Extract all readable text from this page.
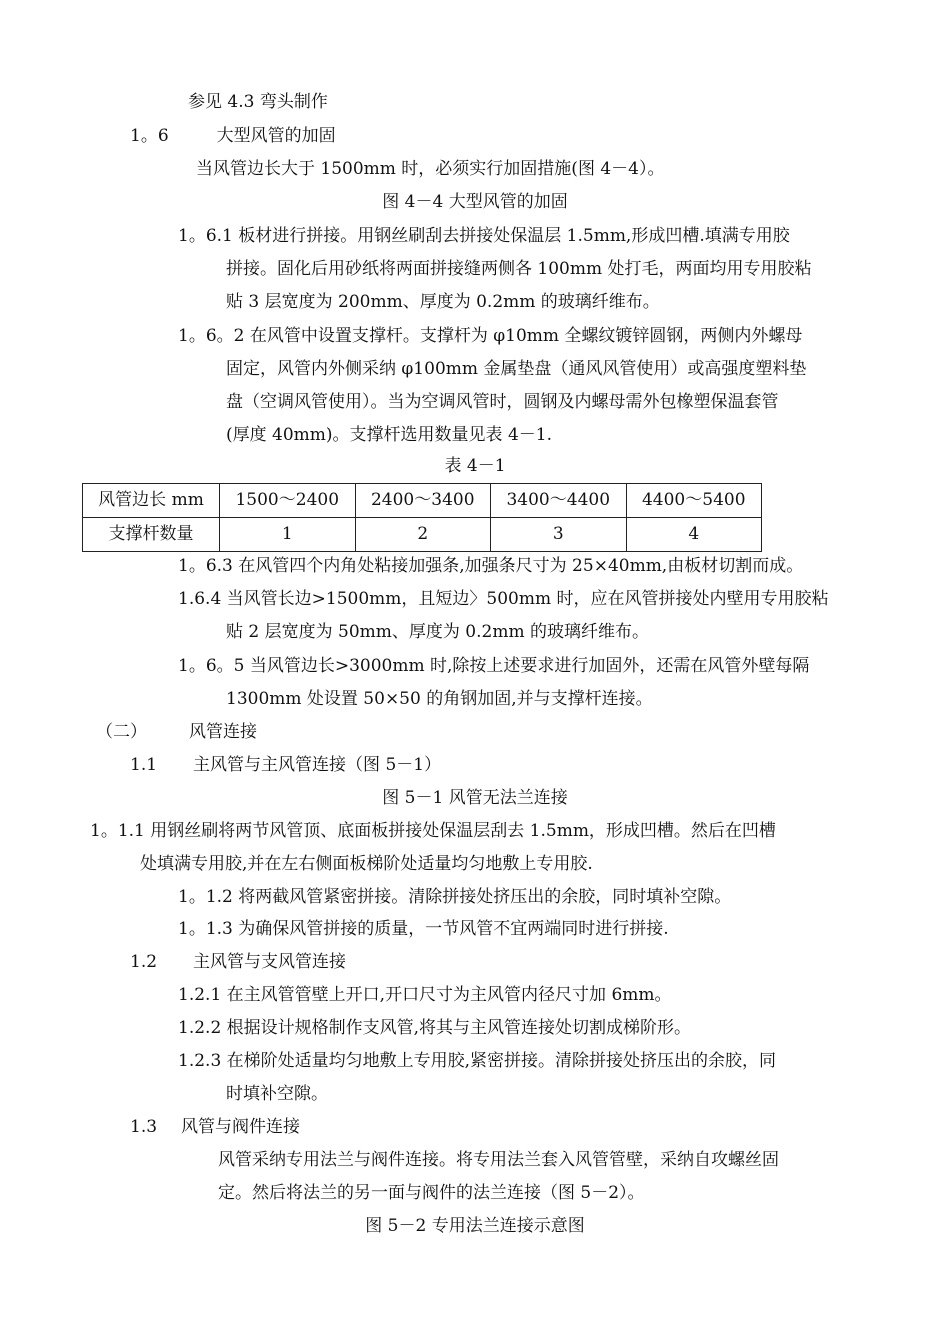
参见 4.3 弯头制作
1。6	大型风管的加固
当风管边长大于 1500mm 时，必须实行加固措施(图 4－4）。
图 4－4 大型风管的加固
1。6.1 板材进行拼接。用钢丝刷刮去拼接处保温层 1.5mm,形成凹槽.填满专用胶
拼接。固化后用砂纸将两面拼接缝两侧各 100mm 处打毛，两面均用专用胶粘
贴 3 层宽度为 200mm、厚度为 0.2mm 的玻璃纤维布。
1。6。2 在风管中设置支撑杆。支撑杆为 φ10mm 全螺纹镀锌圆钢，两侧内外螺母
固定，风管内外侧采纳 φ100mm 金属垫盘（通风风管使用）或高强度塑料垫
盘（空调风管使用）。当为空调风管时，圆钢及内螺母需外包橡塑保温套管
(厚度 40mm)。支撑杆选用数量见表 4－1.
表 4－1
风管边长 mm	1500～2400	2400～3400	3400～4400	4400～5400
支撑杆数量	1	2	3	4
1。6.3 在风管四个内角处粘接加强条,加强条尺寸为 25×40mm,由板材切割而成。
1.6.4 当风管长边>1500mm，且短边〉500mm 时，应在风管拼接处内壁用专用胶粘
贴 2 层宽度为 50mm、厚度为 0.2mm 的玻璃纤维布。
1。6。5 当风管边长>3000mm 时,除按上述要求进行加固外，还需在风管外壁每隔
1300mm 处设置 50×50 的角钢加固,并与支撑杆连接。
（二） 风管连接
1.1 主风管与主风管连接（图 5－1）
图 5－1 风管无法兰连接
1。1.1 用钢丝刷将两节风管顶、底面板拼接处保温层刮去 1.5mm，形成凹槽。然后在凹槽
处填满专用胶,并在左右侧面板梯阶处适量均匀地敷上专用胶.
1。1.2 将两截风管紧密拼接。清除拼接处挤压出的余胶，同时填补空隙。
1。1.3 为确保风管拼接的质量，一节风管不宜两端同时进行拼接.
1.2 主风管与支风管连接
1.2.1 在主风管管壁上开口,开口尺寸为主风管内径尺寸加 6mm。
1.2.2 根据设计规格制作支风管,将其与主风管连接处切割成梯阶形。
1.2.3 在梯阶处适量均匀地敷上专用胶,紧密拼接。清除拼接处挤压出的余胶，同
时填补空隙。
1.3 风管与阀件连接
风管采纳专用法兰与阀件连接。将专用法兰套入风管管壁，采纳自攻螺丝固
定。然后将法兰的另一面与阀件的法兰连接（图 5－2）。
图 5－2 专用法兰连接示意图
